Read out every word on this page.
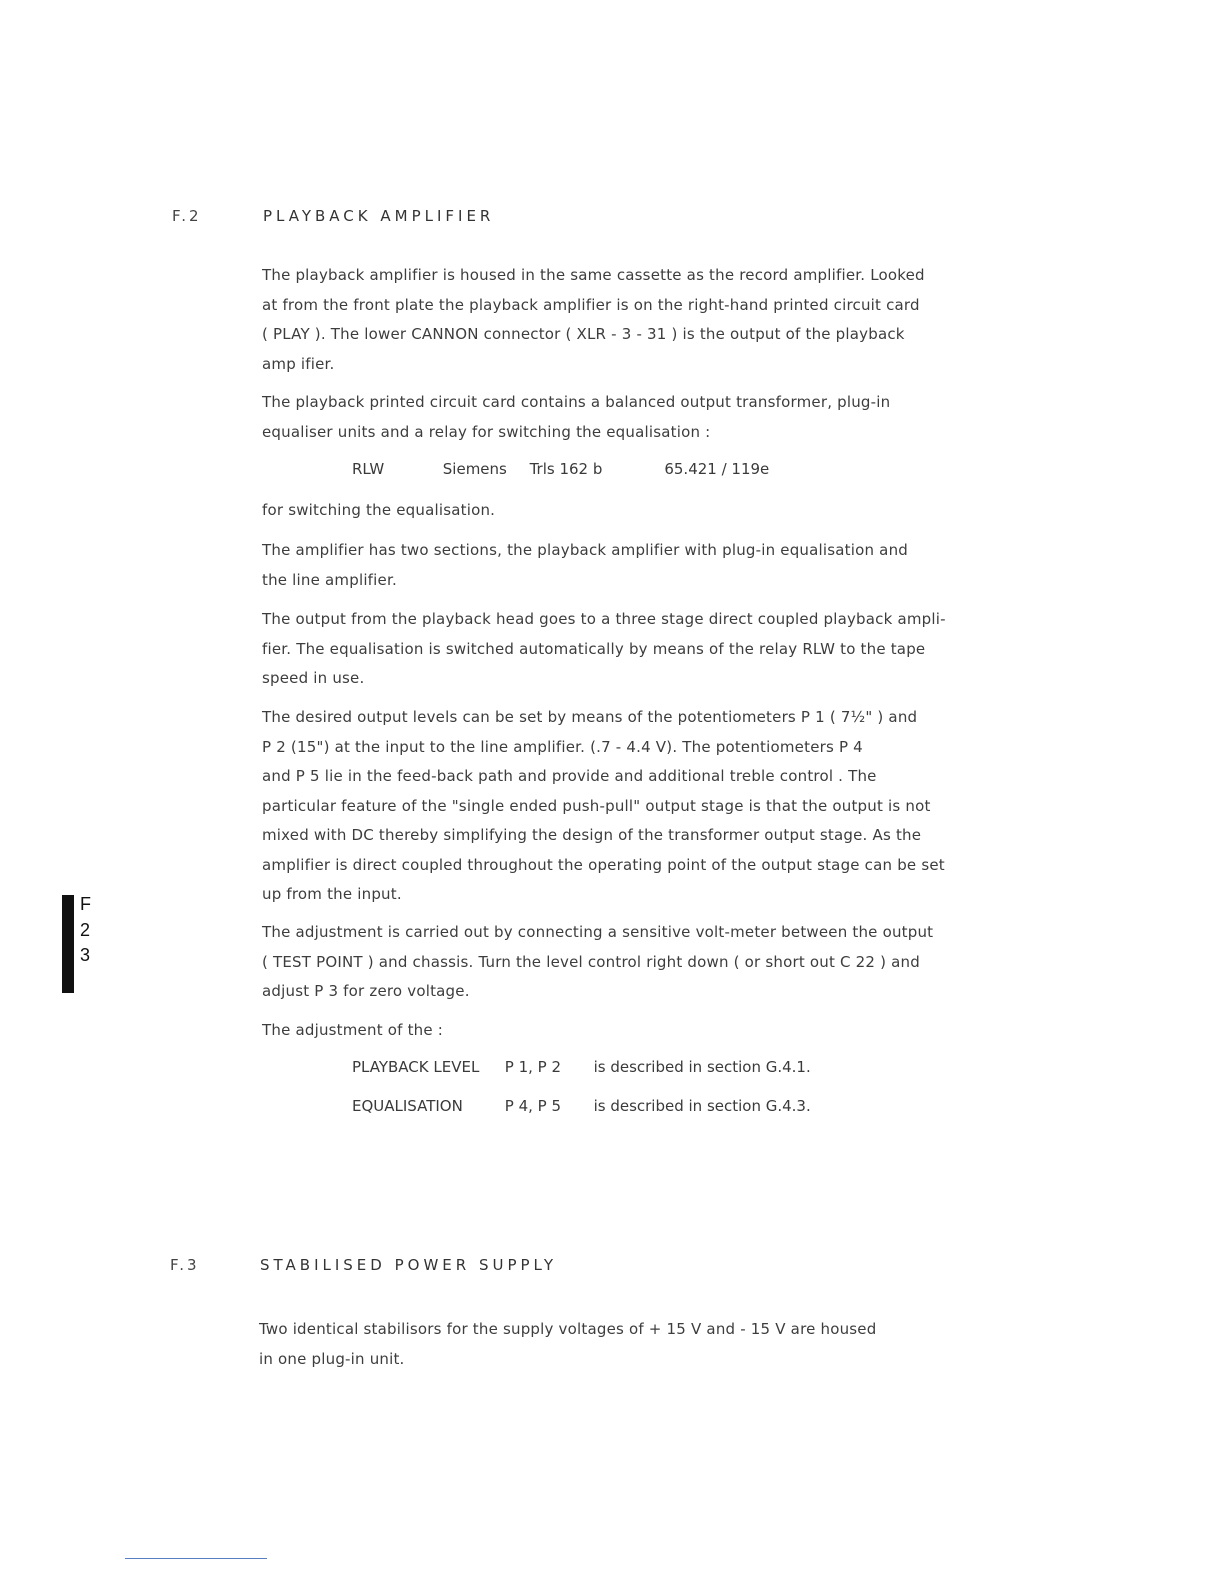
F.2	PLAYBACK AMPLIFIER
The playback amplifier is housed in the same cassette as the record amplifier. Looked
at from the front plate the playback amplifier is on the right-hand printed circuit card
( PLAY ). The lower CANNON connector ( XLR - 3 - 31 ) is the output of the playback
amp ifier.
The playback printed circuit card contains a balanced output transformer, plug-in
equaliser units and a relay for switching the equalisation :
RLW	Siemens Trls 162 b	65.421 / 119e
for switching the equalisation.
The amplifier has two sections, the playback amplifier with plug-in equalisation and
the line amplifier.
The output from the playback head goes to a three stage direct coupled playback ampli-
fier. The equalisation is switched automatically by means of the relay RLW to the tape
speed in use.
The desired output levels can be set by means of the potentiometers P 1 ( 7½" ) and
P 2 (15") at the input to the line amplifier. (.7 - 4.4 V). The potentiometers P 4
and P 5 lie in the feed-back path and provide and additional treble control . The
particular feature of the "single ended push-pull" output stage is that the output is not
mixed with DC thereby simplifying the design of the transformer output stage. As the
amplifier is direct coupled throughout the operating point of the output stage can be set
up from the input.
The adjustment is carried out by connecting a sensitive volt-meter between the output
( TEST POINT ) and chassis. Turn the level control right down ( or short out C 22 ) and
adjust P 3 for zero voltage.
The adjustment of the :
PLAYBACK LEVEL P 1, P 2 is described in section G.4.1.
EQUALISATION	P 4, P 5 is described in section G.4.3.
F.3	STABILISED POWER SUPPLY
Two identical stabilisors for the supply voltages of + 15 V and - 15 V are housed
in one plug-in unit.
F
2
3
